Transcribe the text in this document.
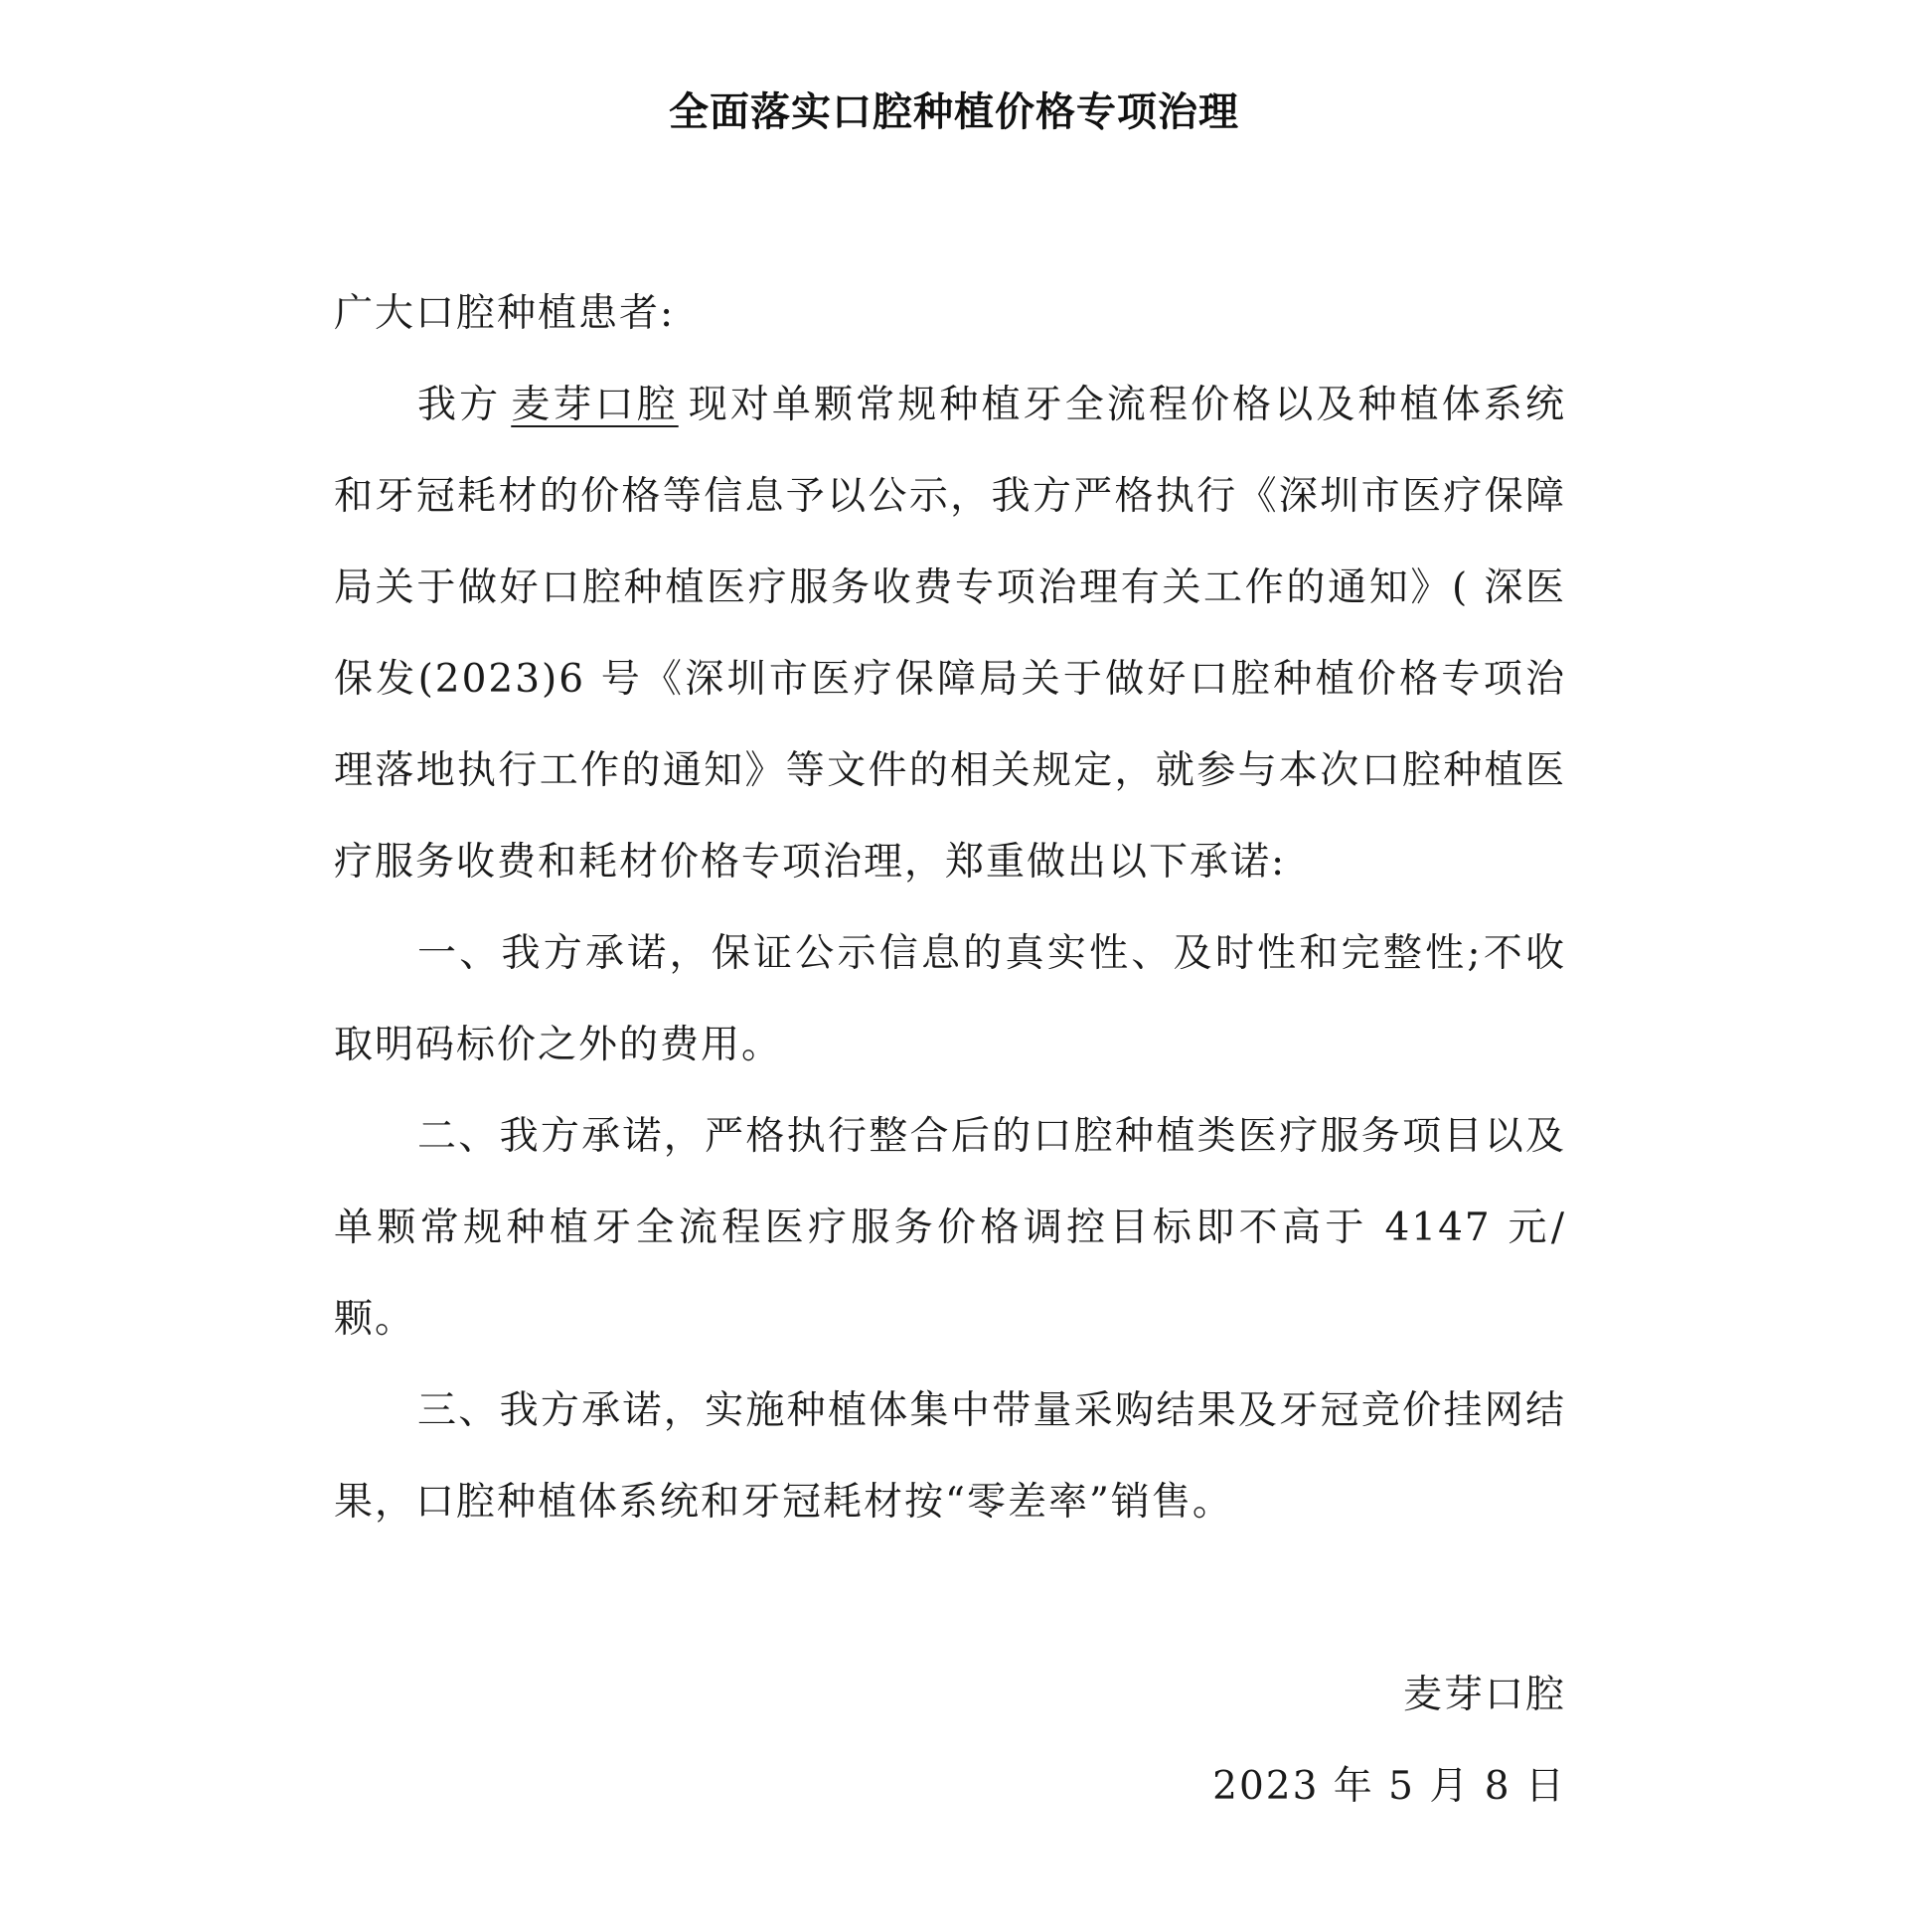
全面落实口腔种植价格专项治理

广大口腔种植患者:

我方 麦芽口腔 现对单颗常规种植牙全流程价格以及种植体系统和牙冠耗材的价格等信息予以公示，我方严格执行《深圳市医疗保障局关于做好口腔种植医疗服务收费专项治理有关工作的通知》( 深医保发(2023)6 号《深圳市医疗保障局关于做好口腔种植价格专项治理落地执行工作的通知》等文件的相关规定，就参与本次口腔种植医疗服务收费和耗材价格专项治理，郑重做出以下承诺:

一、我方承诺，保证公示信息的真实性、及时性和完整性;不收取明码标价之外的费用。

二、我方承诺，严格执行整合后的口腔种植类医疗服务项目以及单颗常规种植牙全流程医疗服务价格调控目标即不高于 4147 元/颗。

三、我方承诺，实施种植体集中带量采购结果及牙冠竞价挂网结果，口腔种植体系统和牙冠耗材按“零差率”销售。

麦芽口腔
2023 年 5 月 8 日
